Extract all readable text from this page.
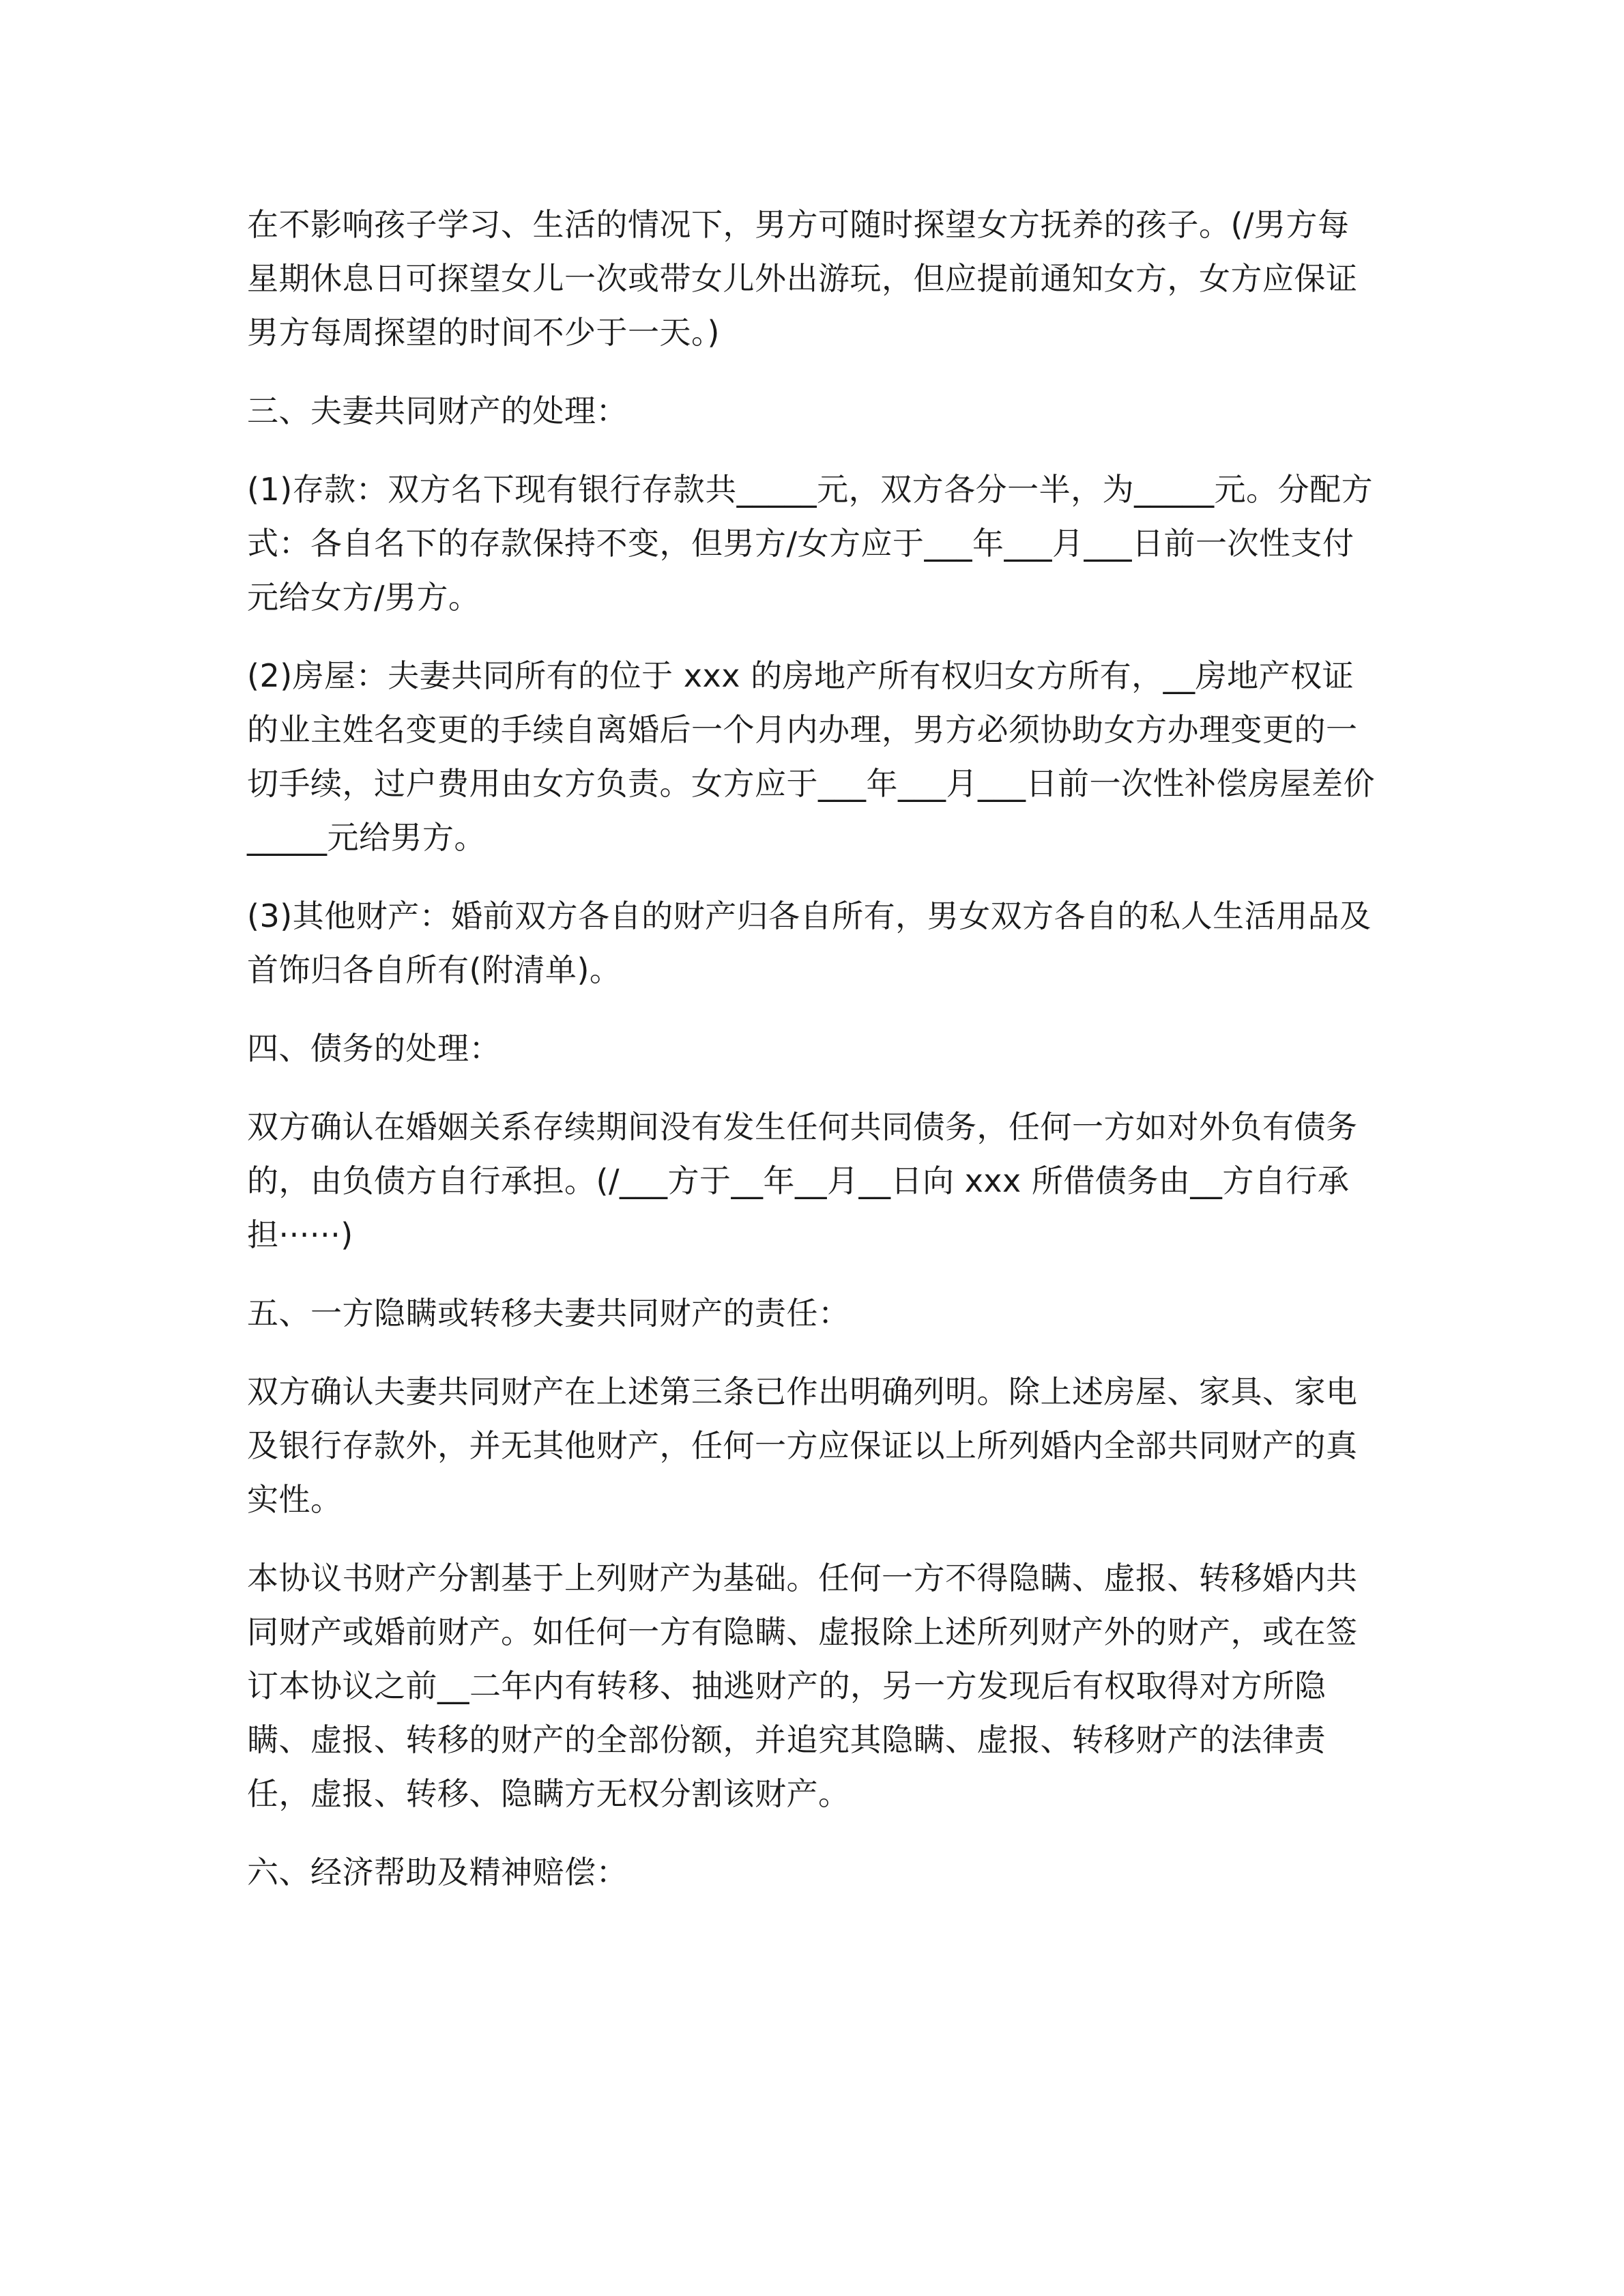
在不影响孩子学习、生活的情况下，男方可随时探望女方抚养的孩子。(/男方每星期休息日可探望女儿一次或带女儿外出游玩，但应提前通知女方，女方应保证男方每周探望的时间不少于一天。)

三、夫妻共同财产的处理：

(1)存款：双方名下现有银行存款共_____元，双方各分一半，为_____元。分配方式：各自名下的存款保持不变，但男方/女方应于___年___月___日前一次性支付元给女方/男方。

(2)房屋：夫妻共同所有的位于 xxx 的房地产所有权归女方所有，__房地产权证的业主姓名变更的手续自离婚后一个月内办理，男方必须协助女方办理变更的一切手续，过户费用由女方负责。女方应于___年___月___日前一次性补偿房屋差价_____元给男方。

(3)其他财产：婚前双方各自的财产归各自所有，男女双方各自的私人生活用品及首饰归各自所有(附清单)。

四、债务的处理：

双方确认在婚姻关系存续期间没有发生任何共同债务，任何一方如对外负有债务的，由负债方自行承担。(/___方于__年__月__日向 xxx 所借债务由__方自行承担······)

五、一方隐瞒或转移夫妻共同财产的责任：

双方确认夫妻共同财产在上述第三条已作出明确列明。除上述房屋、家具、家电及银行存款外，并无其他财产，任何一方应保证以上所列婚内全部共同财产的真实性。

本协议书财产分割基于上列财产为基础。任何一方不得隐瞒、虚报、转移婚内共同财产或婚前财产。如任何一方有隐瞒、虚报除上述所列财产外的财产，或在签订本协议之前__二年内有转移、抽逃财产的，另一方发现后有权取得对方所隐瞒、虚报、转移的财产的全部份额，并追究其隐瞒、虚报、转移财产的法律责任，虚报、转移、隐瞒方无权分割该财产。

六、经济帮助及精神赔偿：
